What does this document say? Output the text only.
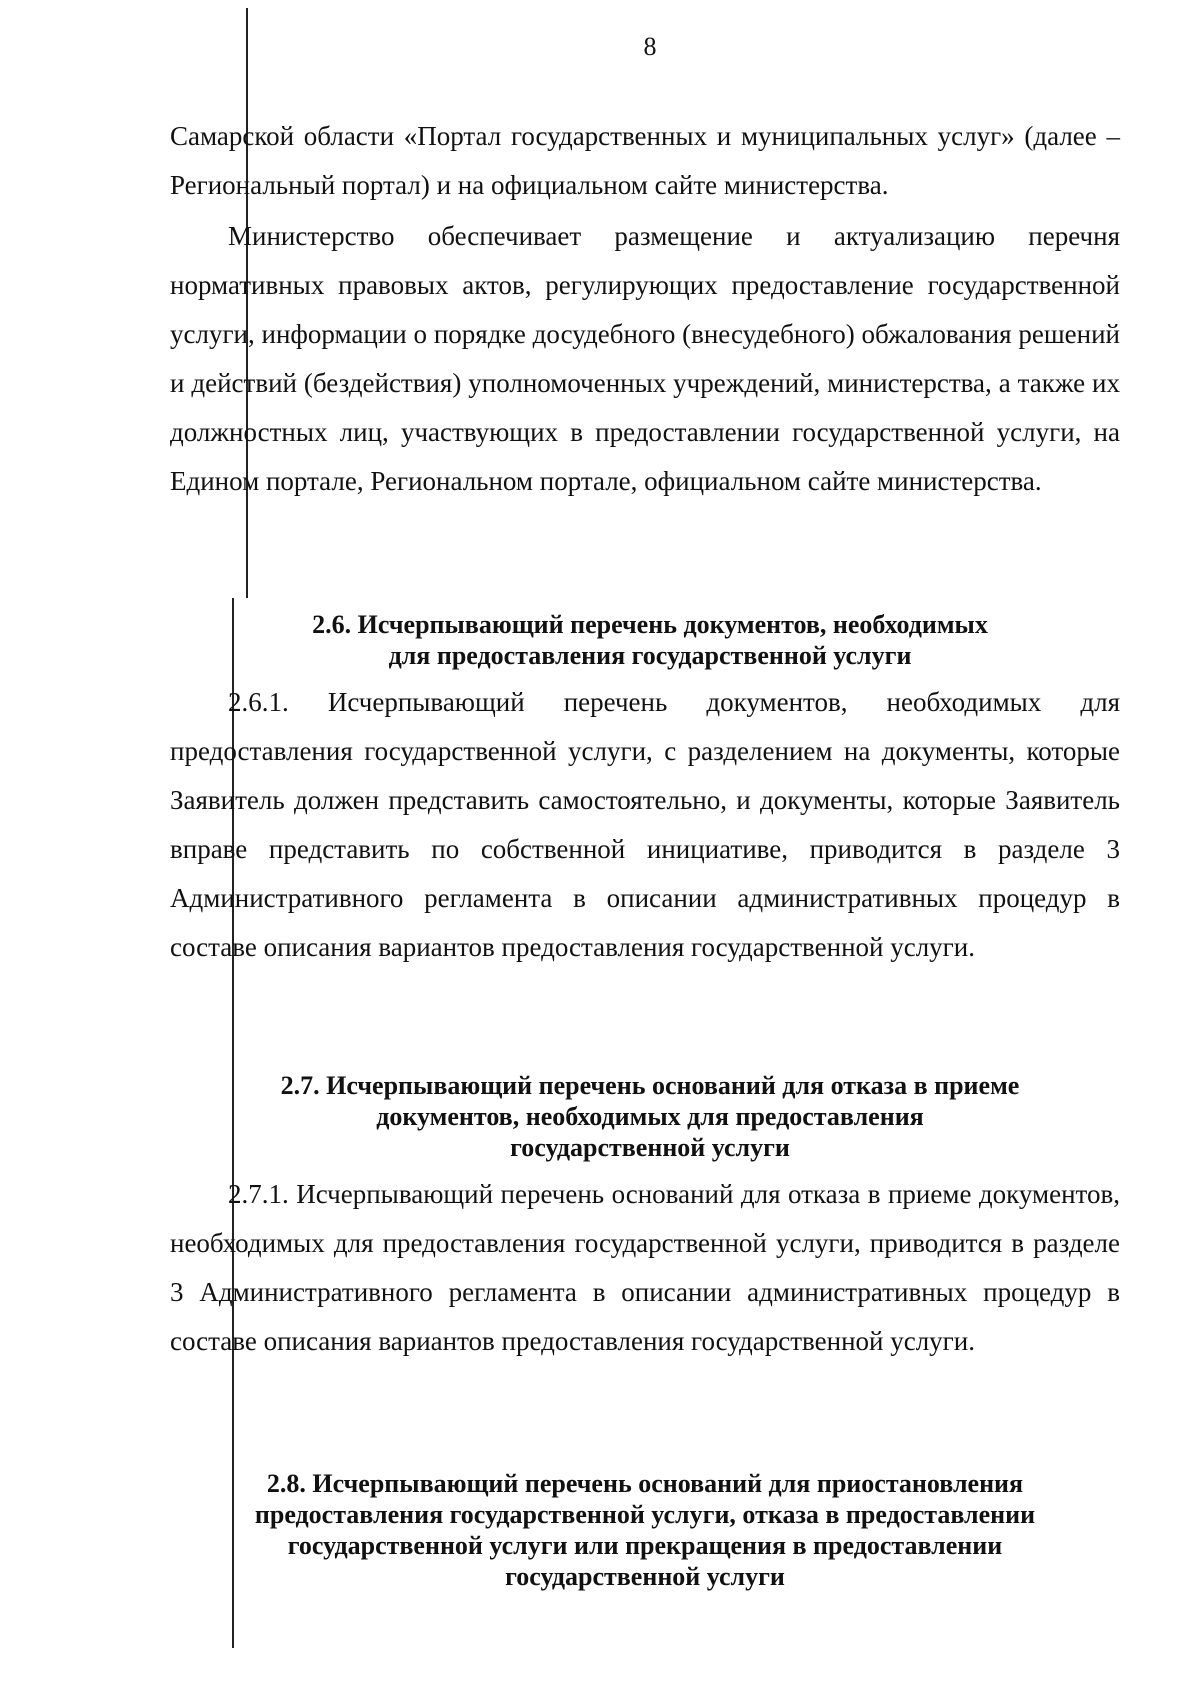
8

Самарской области «Портал государственных и муниципальных услуг» (далее – Региональный портал) и на официальном сайте министерства.

Министерство обеспечивает размещение и актуализацию перечня нормативных правовых актов, регулирующих предоставление государственной услуги, информации о порядке досудебного (внесудебного) обжалования решений и действий (бездействия) уполномоченных учреждений, министерства, а также их должностных лиц, участвующих в предоставлении государственной услуги, на Едином портале, Региональном портале, официальном сайте министерства.

2.6. Исчерпывающий перечень документов, необходимых
для предоставления государственной услуги

2.6.1. Исчерпывающий перечень документов, необходимых для предоставления государственной услуги, с разделением на документы, которые Заявитель должен представить самостоятельно, и документы, которые Заявитель вправе представить по собственной инициативе, приводится в разделе 3 Административного регламента в описании административных процедур в составе описания вариантов предоставления государственной услуги.

2.7. Исчерпывающий перечень оснований для отказа в приеме
документов, необходимых для предоставления
государственной услуги

2.7.1. Исчерпывающий перечень оснований для отказа в приеме документов, необходимых для предоставления государственной услуги, приводится в разделе 3 Административного регламента в описании административных процедур в составе описания вариантов предоставления государственной услуги.

2.8. Исчерпывающий перечень оснований для приостановления
предоставления государственной услуги, отказа в предоставлении
государственной услуги или прекращения в предоставлении
государственной услуги
